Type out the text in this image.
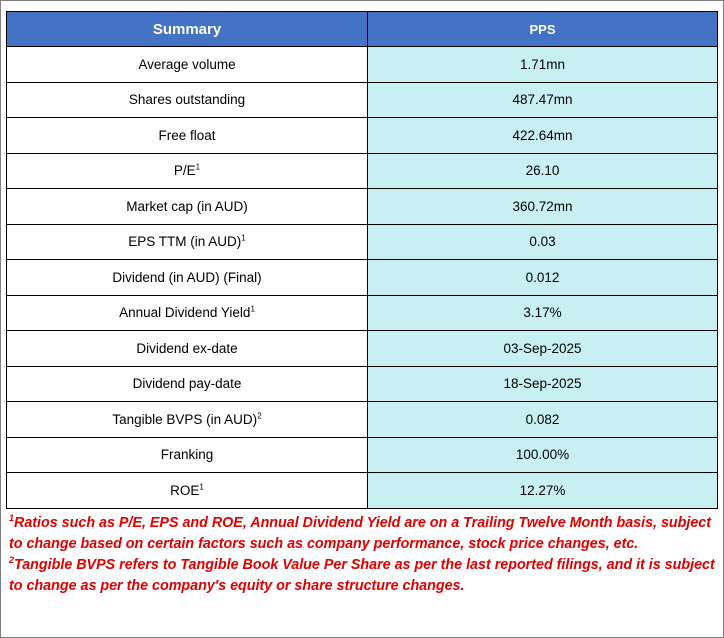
Summary	PPS
Average volume	1.71mn
Shares outstanding	487.47mn
Free float	422.64mn
$P/E^1$	26.10
Market cap (in AUD)	360.72mn
EPS TTM (in AUD)$^1$	0.03
Dividend (in AUD) (Final)	0.012
Annual Dividend Yield$^1$	3.17%
Dividend ex-date	03-Sep-2025
Dividend pay-date	18-Sep-2025
Tangible BVPS (in AUD)$^2$	0.082
Franking	100.00%
ROE$^1$	12.27%

$^1$Ratios such as P/E, EPS and ROE, Annual Dividend Yield are on a Trailing Twelve Month basis, subject to change based on certain factors such as company performance, stock price changes, etc.

$^2$Tangible BVPS refers to Tangible Book Value Per Share as per the last reported filings, and it is subject to change as per the company's equity or share structure changes.
